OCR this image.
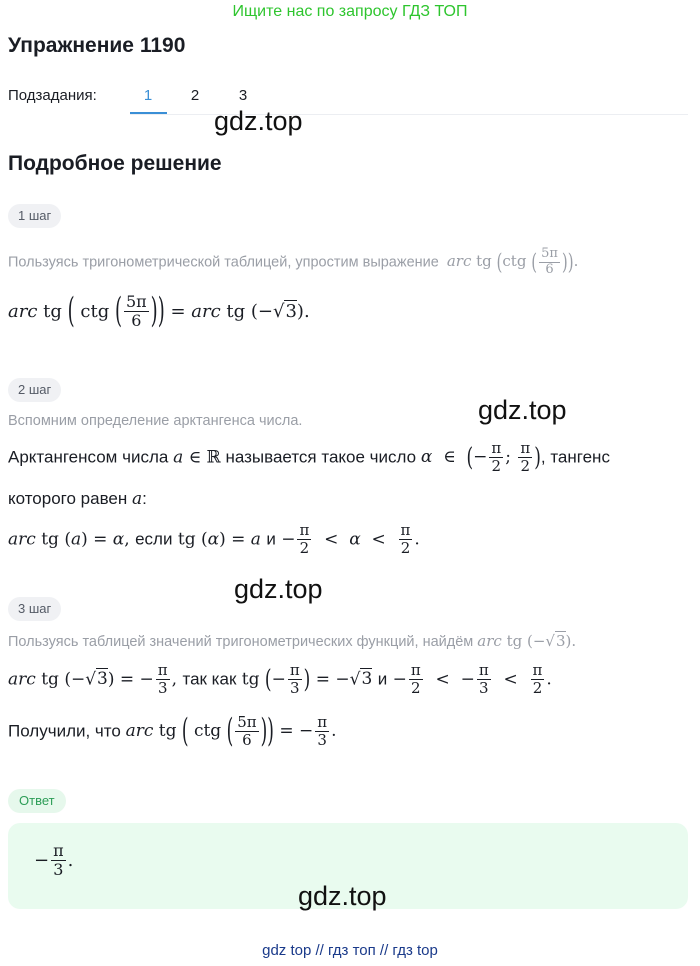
Ищите нас по запросу ГДЗ ТОП
Упражнение 1190
Подзадания:	1	2	3
gdz.top
Подробное решение
1 шаг
Пользуясь тригонометрической таблицей, упростим выражение arc tg (ctg ( $\frac{5\pi}{6}$ )).
arc tg ( ctg ( $\frac{5\pi}{6}$ )) = arc tg (−√3).
2 шаг
Вспомним определение арктангенса числа.	gdz.top
Арктангенсом числа a ∈ ℝ называется такое число α  ∈  (− $\frac{\pi}{2}$ ; $\frac{\pi}{2}$ ), тангенс
которого равен a:
arc tg (a) = α, если tg (α) = a $и - \frac{\pi}{2} < \alpha < \frac{\pi}{2}$ .
gdz.top
3 шаг
Пользуясь таблицей значений тригонометрических функций, найдём arc tg (−√3).
arc tg (−√3) = − $\frac{\pi}{3}$ , так как tg (− $\frac{\pi}{3}$ ) = −√3 $и - \frac{\pi}{2}$ <  − $\frac{\pi}{3} < \frac{\pi}{2}$ .
Получили, что arc tg ( ctg ( $\frac{5\pi}{6}$ )) = − $\frac{\pi}{3}$ .
Ответ
− $\frac{\pi}{3}$ .
gdz.top
gdz top // гдз топ // гдз top
